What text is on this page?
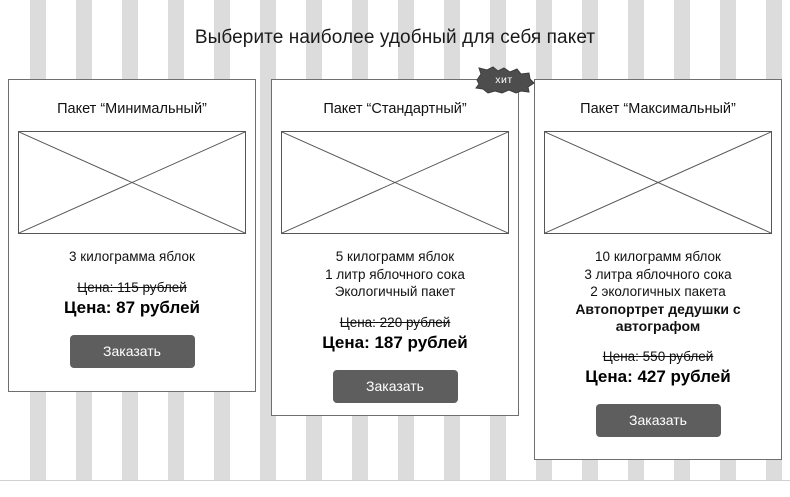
Выберите наиболее удобный для себя пакет
Пакет “Минимальный”
3 килограмма яблок
Цена: 115 рублей
Цена: 87 рублей
Заказать
Пакет “Стандартный”
5 килограмм яблок
1 литр яблочного сока
Экологичный пакет
Цена: 220 рублей
Цена: 187 рублей
Заказать
Пакет “Максимальный”
10 килограмм яблок
3 литра яблочного сока
2 экологичных пакета
Автопортрет дедушки с автографом
Цена: 550 рублей
Цена: 427 рублей
Заказать
хит
